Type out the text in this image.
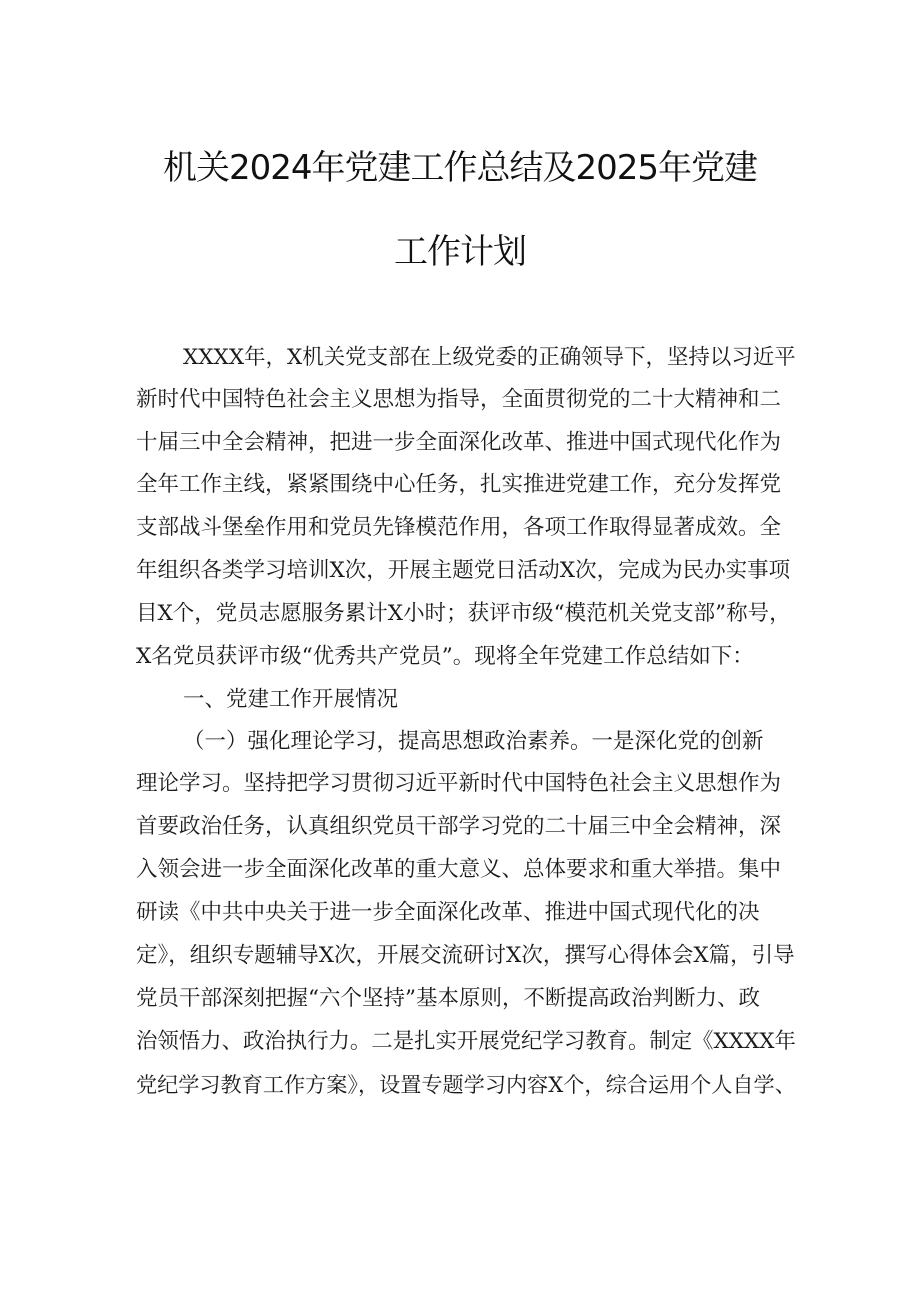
机关2024年党建工作总结及2025年党建
工作计划
XXXX年，X机关党支部在上级党委的正确领导下，坚持以习近平
新时代中国特色社会主义思想为指导，全面贯彻党的二十大精神和二
十届三中全会精神，把进一步全面深化改革、推进中国式现代化作为
全年工作主线，紧紧围绕中心任务，扎实推进党建工作，充分发挥党
支部战斗堡垒作用和党员先锋模范作用，各项工作取得显著成效。全
年组织各类学习培训X次，开展主题党日活动X次，完成为民办实事项
目X个，党员志愿服务累计X小时；获评市级“模范机关党支部”称号，
X名党员获评市级“优秀共产党员”。现将全年党建工作总结如下：
一、党建工作开展情况
（一）强化理论学习，提高思想政治素养。一是深化党的创新
理论学习。坚持把学习贯彻习近平新时代中国特色社会主义思想作为
首要政治任务，认真组织党员干部学习党的二十届三中全会精神，深
入领会进一步全面深化改革的重大意义、总体要求和重大举措。集中
研读《中共中央关于进一步全面深化改革、推进中国式现代化的决
定》，组织专题辅导X次，开展交流研讨X次，撰写心得体会X篇，引导
党员干部深刻把握“六个坚持”基本原则，不断提高政治判断力、政
治领悟力、政治执行力。二是扎实开展党纪学习教育。制定《XXXX年
党纪学习教育工作方案》，设置专题学习内容X个，综合运用个人自学、
